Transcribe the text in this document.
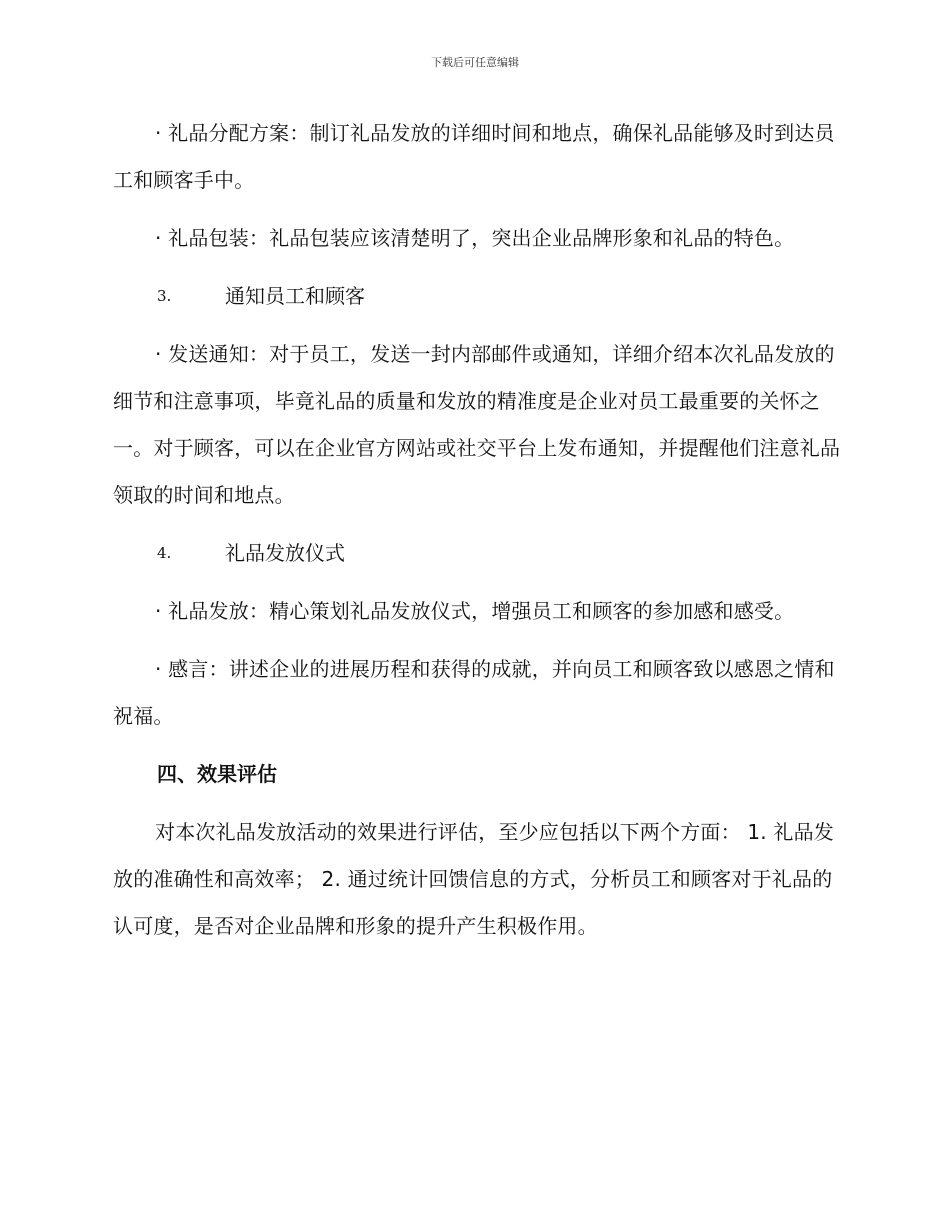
下载后可任意编辑

· 礼品分配方案：制订礼品发放的详细时间和地点，确保礼品能够及时到达员工和顾客手中。

· 礼品包装：礼品包装应该清楚明了，突出企业品牌形象和礼品的特色。

3.	通知员工和顾客

· 发送通知：对于员工，发送一封内部邮件或通知，详细介绍本次礼品发放的细节和注意事项，毕竟礼品的质量和发放的精准度是企业对员工最重要的关怀之一。对于顾客，可以在企业官方网站或社交平台上发布通知，并提醒他们注意礼品领取的时间和地点。

4.	礼品发放仪式

· 礼品发放：精心策划礼品发放仪式，增强员工和顾客的参加感和感受。

· 感言：讲述企业的进展历程和获得的成就，并向员工和顾客致以感恩之情和祝福。

四、效果评估

对本次礼品发放活动的效果进行评估，至少应包括以下两个方面： 1. 礼品发放的准确性和高效率； 2. 通过统计回馈信息的方式，分析员工和顾客对于礼品的认可度，是否对企业品牌和形象的提升产生积极作用。
